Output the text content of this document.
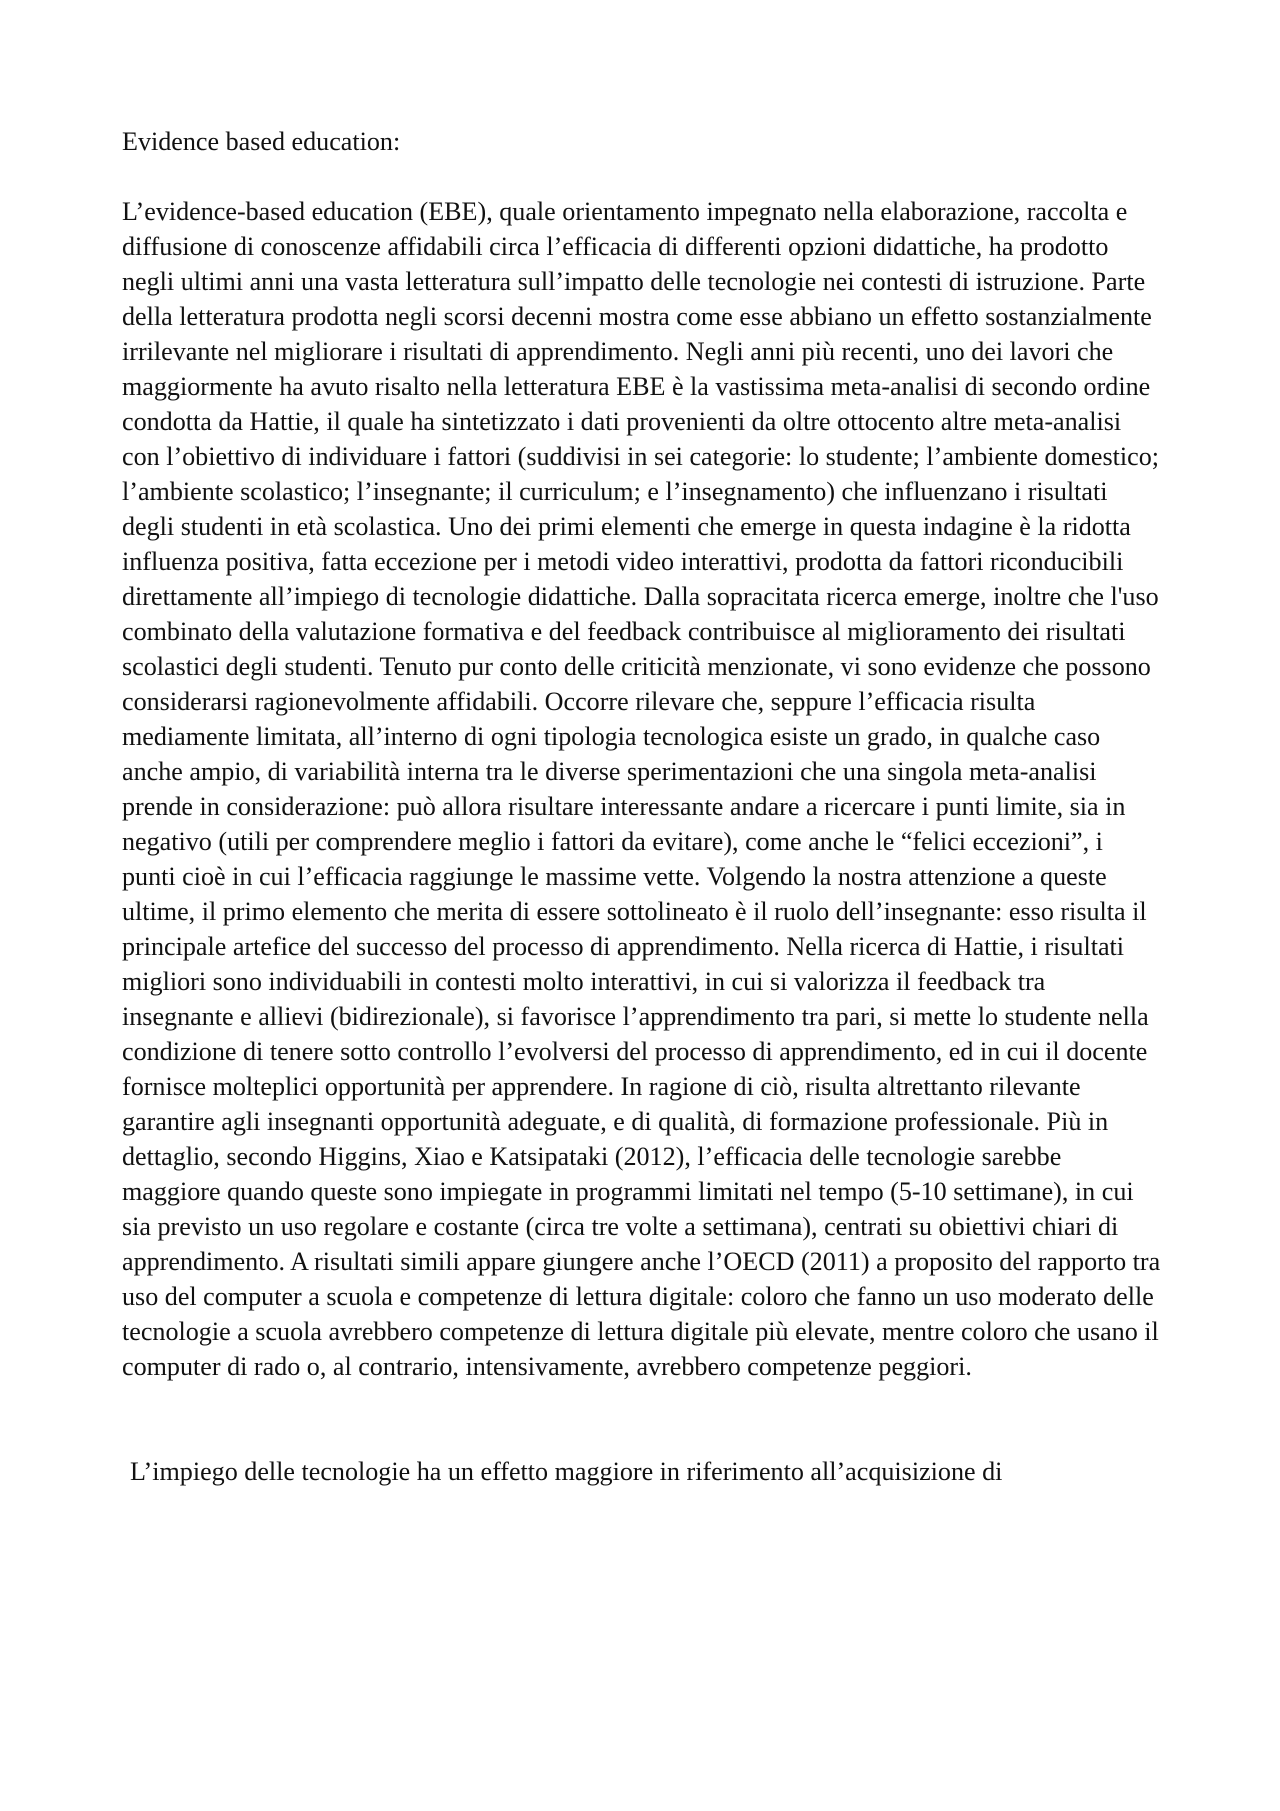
Evidence based education:

L’evidence-based education (EBE), quale orientamento impegnato nella elaborazione, raccolta e diffusione di conoscenze affidabili circa l’efficacia di differenti opzioni didattiche, ha prodotto negli ultimi anni una vasta letteratura sull’impatto delle tecnologie nei contesti di istruzione. Parte della letteratura prodotta negli scorsi decenni mostra come esse abbiano un effetto sostanzialmente irrilevante nel migliorare i risultati di apprendimento. Negli anni più recenti, uno dei lavori che maggiormente ha avuto risalto nella letteratura EBE è la vastissima meta-analisi di secondo ordine condotta da Hattie, il quale ha sintetizzato i dati provenienti da oltre ottocento altre meta-analisi con l’obiettivo di individuare i fattori (suddivisi in sei categorie: lo studente; l’ambiente domestico; l’ambiente scolastico; l’insegnante; il curriculum; e l’insegnamento) che influenzano i risultati degli studenti in età scolastica. Uno dei primi elementi che emerge in questa indagine è la ridotta influenza positiva, fatta eccezione per i metodi video interattivi, prodotta da fattori riconducibili direttamente all’impiego di tecnologie didattiche. Dalla sopracitata ricerca emerge, inoltre che l'uso combinato della valutazione formativa e del feedback contribuisce al miglioramento dei risultati scolastici degli studenti. Tenuto pur conto delle criticità menzionate, vi sono evidenze che possono considerarsi ragionevolmente affidabili. Occorre rilevare che, seppure l’efficacia risulta mediamente limitata, all’interno di ogni tipologia tecnologica esiste un grado, in qualche caso anche ampio, di variabilità interna tra le diverse sperimentazioni che una singola meta-analisi prende in considerazione: può allora risultare interessante andare a ricercare i punti limite, sia in negativo (utili per comprendere meglio i fattori da evitare), come anche le “felici eccezioni”, i punti cioè in cui l’efficacia raggiunge le massime vette. Volgendo la nostra attenzione a queste ultime, il primo elemento che merita di essere sottolineato è il ruolo dell’insegnante: esso risulta il principale artefice del successo del processo di apprendimento. Nella ricerca di Hattie, i risultati migliori sono individuabili in contesti molto interattivi, in cui si valorizza il feedback tra insegnante e allievi (bidirezionale), si favorisce l’apprendimento tra pari, si mette lo studente nella condizione di tenere sotto controllo l’evolversi del processo di apprendimento, ed in cui il docente fornisce molteplici opportunità per apprendere. In ragione di ciò, risulta altrettanto rilevante garantire agli insegnanti opportunità adeguate, e di qualità, di formazione professionale. Più in dettaglio, secondo Higgins, Xiao e Katsipataki (2012), l’efficacia delle tecnologie sarebbe maggiore quando queste sono impiegate in programmi limitati nel tempo (5-10 settimane), in cui sia previsto un uso regolare e costante (circa tre volte a settimana), centrati su obiettivi chiari di apprendimento. A risultati simili appare giungere anche l’OECD (2011) a proposito del rapporto tra uso del computer a scuola e competenze di lettura digitale: coloro che fanno un uso moderato delle tecnologie a scuola avrebbero competenze di lettura digitale più elevate, mentre coloro che usano il computer di rado o, al contrario, intensivamente, avrebbero competenze peggiori.

L’impiego delle tecnologie ha un effetto maggiore in riferimento all’acquisizione di
